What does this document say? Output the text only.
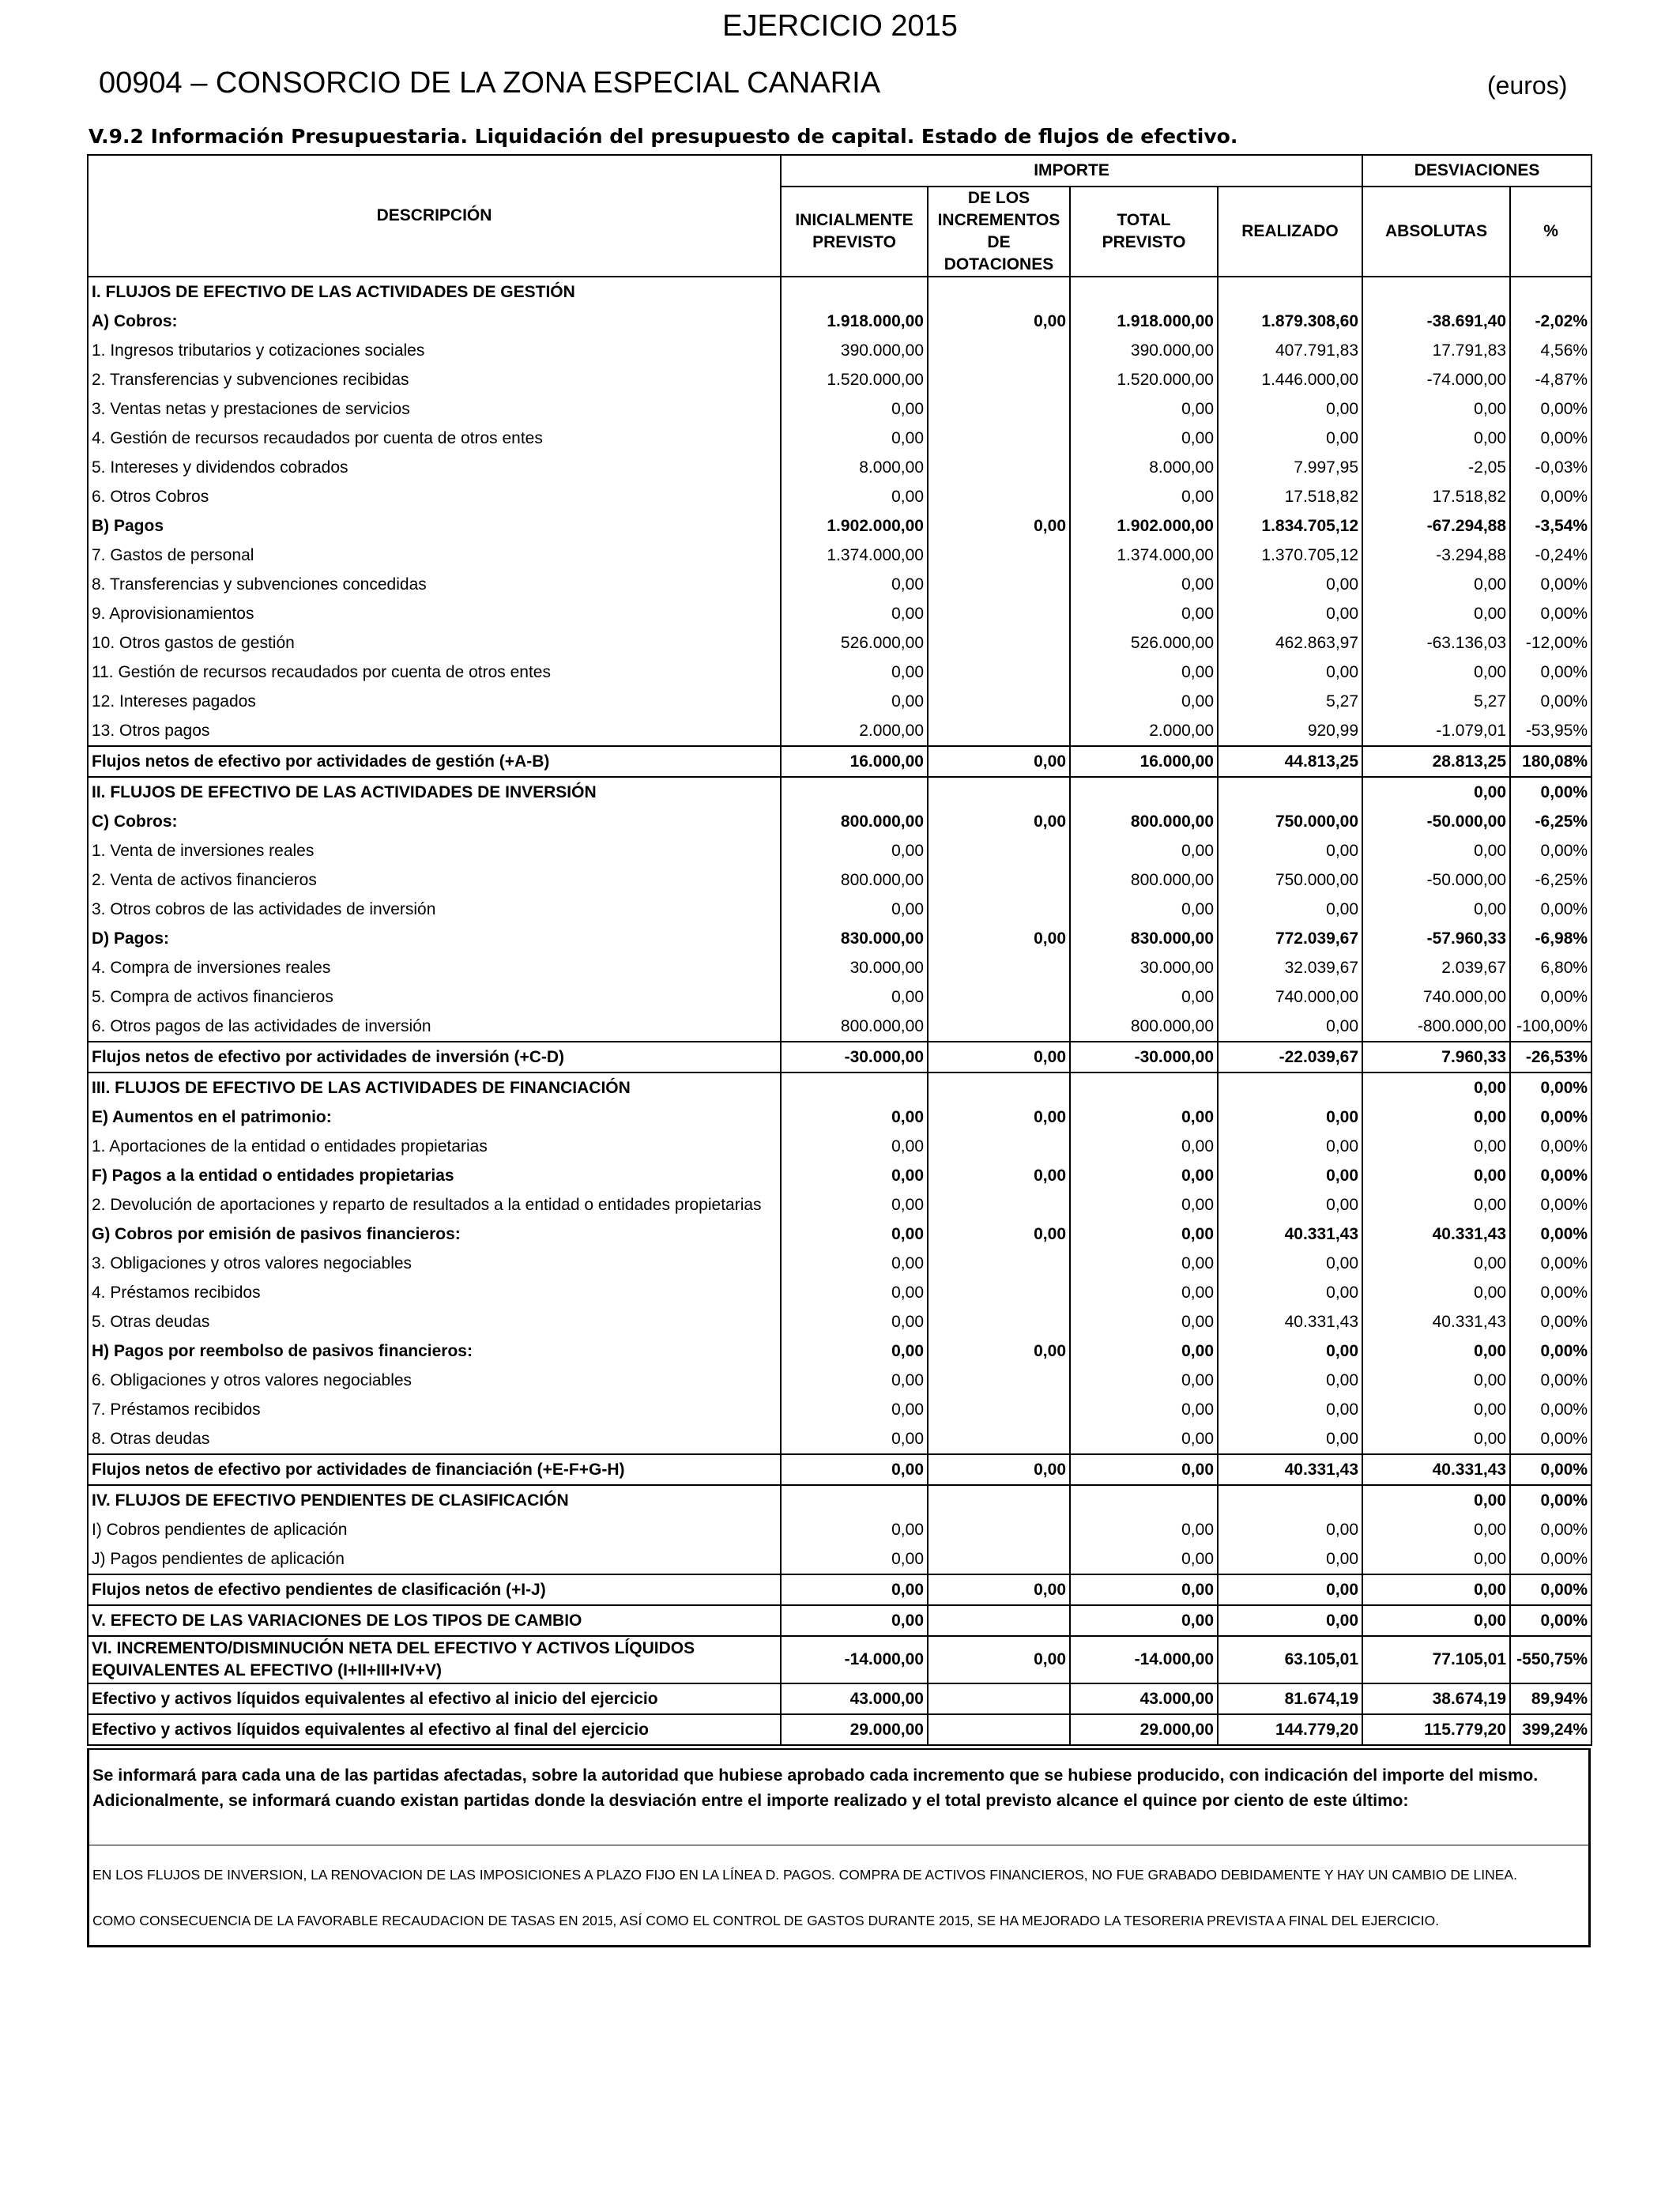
EJERCICIO 2015
00904 – CONSORCIO DE LA ZONA ESPECIAL CANARIA	(euros)
V.9.2 Información Presupuestaria. Liquidación del presupuesto de capital. Estado de flujos de efectivo.
DESCRIPCIÓN	IMPORTE				DESVIACIONES	
	INICIALMENTE PREVISTO	DE LOS INCREMENTOS DE DOTACIONES	TOTAL PREVISTO	REALIZADO	ABSOLUTAS	%
I. FLUJOS DE EFECTIVO DE LAS ACTIVIDADES DE GESTIÓN						
A) Cobros:	1.918.000,00	0,00	1.918.000,00	1.879.308,60	-38.691,40	-2,02%
1. Ingresos tributarios y cotizaciones sociales	390.000,00		390.000,00	407.791,83	17.791,83	4,56%
2. Transferencias y subvenciones recibidas	1.520.000,00		1.520.000,00	1.446.000,00	-74.000,00	-4,87%
3. Ventas netas y prestaciones de servicios	0,00		0,00	0,00	0,00	0,00%
4. Gestión de recursos recaudados por cuenta de otros entes	0,00		0,00	0,00	0,00	0,00%
5. Intereses y dividendos cobrados	8.000,00		8.000,00	7.997,95	-2,05	-0,03%
6. Otros Cobros	0,00		0,00	17.518,82	17.518,82	0,00%
B) Pagos	1.902.000,00	0,00	1.902.000,00	1.834.705,12	-67.294,88	-3,54%
7. Gastos de personal	1.374.000,00		1.374.000,00	1.370.705,12	-3.294,88	-0,24%
8. Transferencias y subvenciones concedidas	0,00		0,00	0,00	0,00	0,00%
9. Aprovisionamientos	0,00		0,00	0,00	0,00	0,00%
10. Otros gastos de gestión	526.000,00		526.000,00	462.863,97	-63.136,03	-12,00%
11. Gestión de recursos recaudados por cuenta de otros entes	0,00		0,00	0,00	0,00	0,00%
12. Intereses pagados	0,00		0,00	5,27	5,27	0,00%
13. Otros pagos	2.000,00		2.000,00	920,99	-1.079,01	-53,95%
Flujos netos de efectivo por actividades de gestión (+A-B)	16.000,00	0,00	16.000,00	44.813,25	28.813,25	180,08%
II. FLUJOS DE EFECTIVO DE LAS ACTIVIDADES DE INVERSIÓN					0,00	0,00%
C) Cobros:	800.000,00	0,00	800.000,00	750.000,00	-50.000,00	-6,25%
1. Venta de inversiones reales	0,00		0,00	0,00	0,00	0,00%
2. Venta de activos financieros	800.000,00		800.000,00	750.000,00	-50.000,00	-6,25%
3. Otros cobros de las actividades de inversión	0,00		0,00	0,00	0,00	0,00%
D) Pagos:	830.000,00	0,00	830.000,00	772.039,67	-57.960,33	-6,98%
4. Compra de inversiones reales	30.000,00		30.000,00	32.039,67	2.039,67	6,80%
5. Compra de activos financieros	0,00		0,00	740.000,00	740.000,00	0,00%
6. Otros pagos de las actividades de inversión	800.000,00		800.000,00	0,00	-800.000,00	-100,00%
Flujos netos de efectivo por actividades de inversión (+C-D)	-30.000,00	0,00	-30.000,00	-22.039,67	7.960,33	-26,53%
III. FLUJOS DE EFECTIVO DE LAS ACTIVIDADES DE FINANCIACIÓN					0,00	0,00%
E) Aumentos en el patrimonio:	0,00	0,00	0,00	0,00	0,00	0,00%
1. Aportaciones de la entidad o entidades propietarias	0,00		0,00	0,00	0,00	0,00%
F) Pagos a la entidad o entidades propietarias	0,00	0,00	0,00	0,00	0,00	0,00%
2. Devolución de aportaciones y reparto de resultados a la entidad o entidades propietarias	0,00		0,00	0,00	0,00	0,00%
G) Cobros por emisión de pasivos financieros:	0,00	0,00	0,00	40.331,43	40.331,43	0,00%
3. Obligaciones y otros valores negociables	0,00		0,00	0,00	0,00	0,00%
4. Préstamos recibidos	0,00		0,00	0,00	0,00	0,00%
5. Otras deudas	0,00		0,00	40.331,43	40.331,43	0,00%
H) Pagos por reembolso de pasivos financieros:	0,00	0,00	0,00	0,00	0,00	0,00%
6. Obligaciones y otros valores negociables	0,00		0,00	0,00	0,00	0,00%
7. Préstamos recibidos	0,00		0,00	0,00	0,00	0,00%
8. Otras deudas	0,00		0,00	0,00	0,00	0,00%
Flujos netos de efectivo por actividades de financiación (+E-F+G-H)	0,00	0,00	0,00	40.331,43	40.331,43	0,00%
IV. FLUJOS DE EFECTIVO PENDIENTES DE CLASIFICACIÓN					0,00	0,00%
I) Cobros pendientes de aplicación	0,00		0,00	0,00	0,00	0,00%
J) Pagos pendientes de aplicación	0,00		0,00	0,00	0,00	0,00%
Flujos netos de efectivo pendientes de clasificación (+I-J)	0,00	0,00	0,00	0,00	0,00	0,00%
V. EFECTO DE LAS VARIACIONES DE LOS TIPOS DE CAMBIO	0,00		0,00	0,00	0,00	0,00%
VI. INCREMENTO/DISMINUCIÓN NETA DEL EFECTIVO Y ACTIVOS LÍQUIDOS EQUIVALENTES AL EFECTIVO (I+II+III+IV+V)	-14.000,00	0,00	-14.000,00	63.105,01	77.105,01	-550,75%
Efectivo y activos líquidos equivalentes al efectivo al inicio del ejercicio	43.000,00		43.000,00	81.674,19	38.674,19	89,94%
Efectivo y activos líquidos equivalentes al efectivo al final del ejercicio	29.000,00		29.000,00	144.779,20	115.779,20	399,24%
Se informará para cada una de las partidas afectadas, sobre la autoridad que hubiese aprobado cada incremento que se hubiese producido, con indicación del importe del mismo. Adicionalmente, se informará cuando existan partidas donde la desviación entre el importe realizado y el total previsto alcance el quince por ciento de este último:
EN LOS FLUJOS DE INVERSION, LA RENOVACION DE LAS IMPOSICIONES A PLAZO FIJO EN LA LÍNEA D. PAGOS. COMPRA DE ACTIVOS FINANCIEROS, NO FUE GRABADO DEBIDAMENTE Y HAY UN CAMBIO DE LINEA.
COMO CONSECUENCIA DE LA FAVORABLE RECAUDACION DE TASAS EN 2015, ASÍ COMO EL CONTROL DE GASTOS DURANTE 2015, SE HA MEJORADO LA TESORERIA PREVISTA A FINAL DEL EJERCICIO.
